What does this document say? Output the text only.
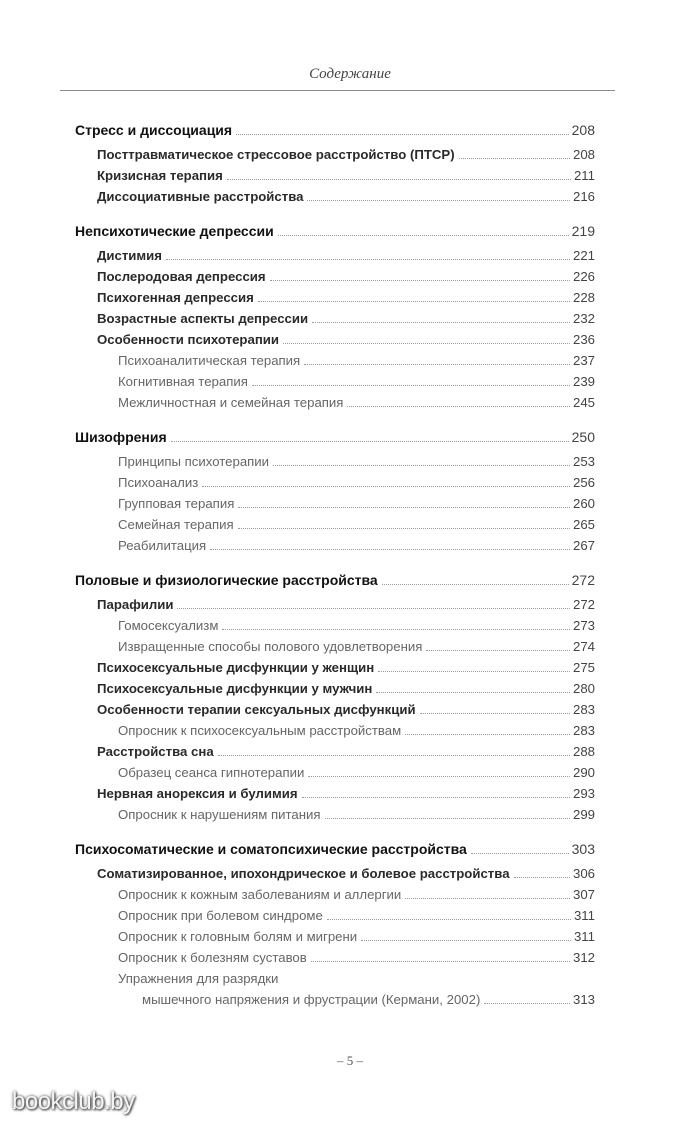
Содержание
Стресс и диссоциация	208
Посттравматическое стрессовое расстройство (ПТСР)	208
Кризисная терапия	211
Диссоциативные расстройства	216
Непсихотические депрессии	219
Дистимия	221
Послеродовая депрессия	226
Психогенная депрессия	228
Возрастные аспекты депрессии	232
Особенности психотерапии	236
Психоаналитическая терапия	237
Когнитивная терапия	239
Межличностная и семейная терапия	245
Шизофрения	250
Принципы психотерапии	253
Психоанализ	256
Групповая терапия	260
Семейная терапия	265
Реабилитация	267
Половые и физиологические расстройства	272
Парафилии	272
Гомосексуализм	273
Извращенные способы полового удовлетворения	274
Психосексуальные дисфункции у женщин	275
Психосексуальные дисфункции у мужчин	280
Особенности терапии сексуальных дисфункций	283
Опросник к психосексуальным расстройствам	283
Расстройства сна	288
Образец сеанса гипнотерапии	290
Нервная анорексия и булимия	293
Опросник к нарушениям питания	299
Психосоматические и соматопсихические расстройства	303
Соматизированное, ипохондрическое и болевое расстройства	306
Опросник к кожным заболеваниям и аллергии	307
Опросник при болевом синдроме	311
Опросник к головным болям и мигрени	311
Опросник к болезням суставов	312
Упражнения для разрядки
мышечного напряжения и фрустрации (Кермани, 2002)	313
– 5 –
bookclub.by
